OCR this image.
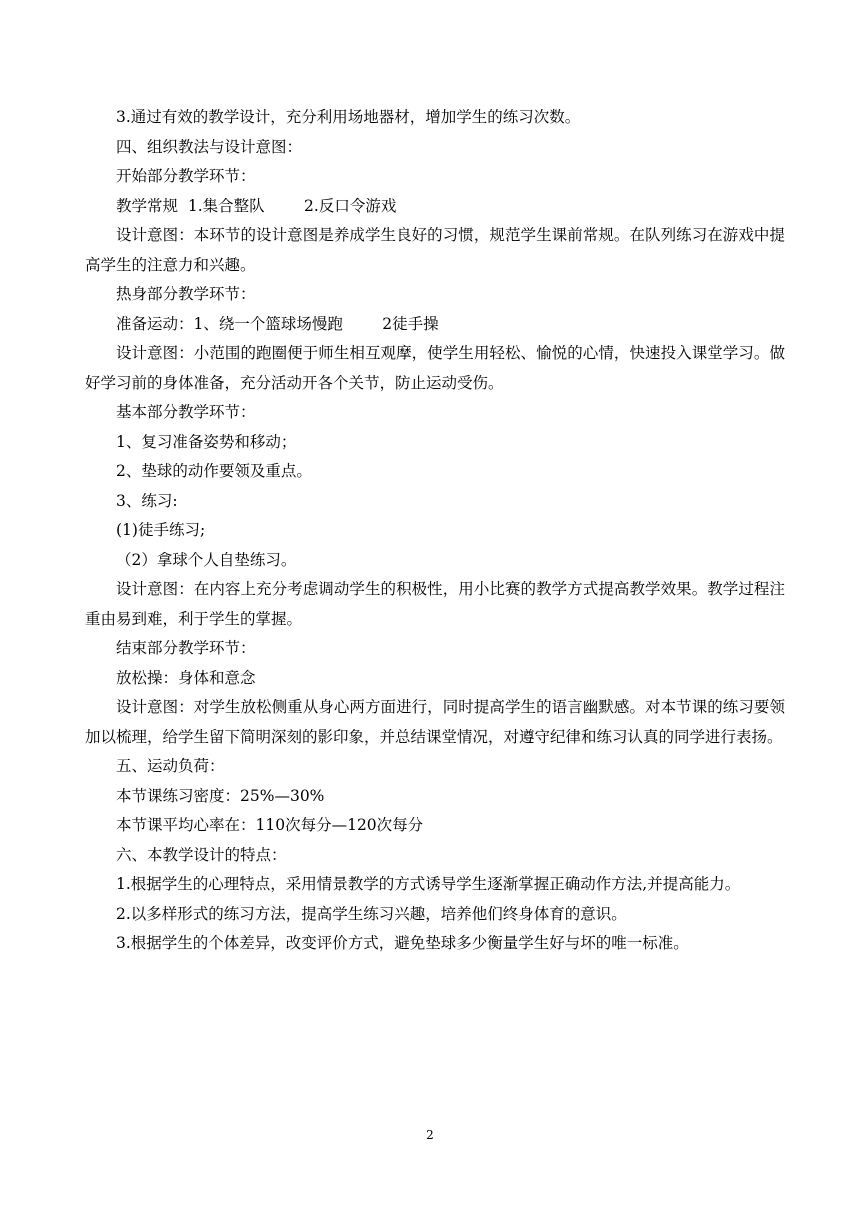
3.通过有效的教学设计，充分利用场地器材，增加学生的练习次数。

四、组织教法与设计意图：

开始部分教学环节：

教学常规  1.集合整队        2.反口令游戏

设计意图：本环节的设计意图是养成学生良好的习惯，规范学生课前常规。在队列练习在游戏中提高学生的注意力和兴趣。

热身部分教学环节：

准备运动：1、绕一个篮球场慢跑        2徒手操

设计意图：小范围的跑圈便于师生相互观摩，使学生用轻松、愉悦的心情，快速投入课堂学习。做好学习前的身体准备，充分活动开各个关节，防止运动受伤。

基本部分教学环节：

1、复习准备姿势和移动；

2、垫球的动作要领及重点。

3、练习:

(1)徒手练习;

（2）拿球个人自垫练习。

设计意图：在内容上充分考虑调动学生的积极性，用小比赛的教学方式提高教学效果。教学过程注重由易到难，利于学生的掌握。

结束部分教学环节：

放松操：身体和意念

设计意图：对学生放松侧重从身心两方面进行，同时提高学生的语言幽默感。对本节课的练习要领加以梳理，给学生留下简明深刻的影印象，并总结课堂情况，对遵守纪律和练习认真的同学进行表扬。

五、运动负荷：

本节课练习密度：25%—30%

本节课平均心率在：110次每分—120次每分

六、本教学设计的特点：

1.根据学生的心理特点，采用情景教学的方式诱导学生逐渐掌握正确动作方法,并提高能力。

2.以多样形式的练习方法，提高学生练习兴趣，培养他们终身体育的意识。

3.根据学生的个体差异，改变评价方式，避免垫球多少衡量学生好与坏的唯一标准。

2
